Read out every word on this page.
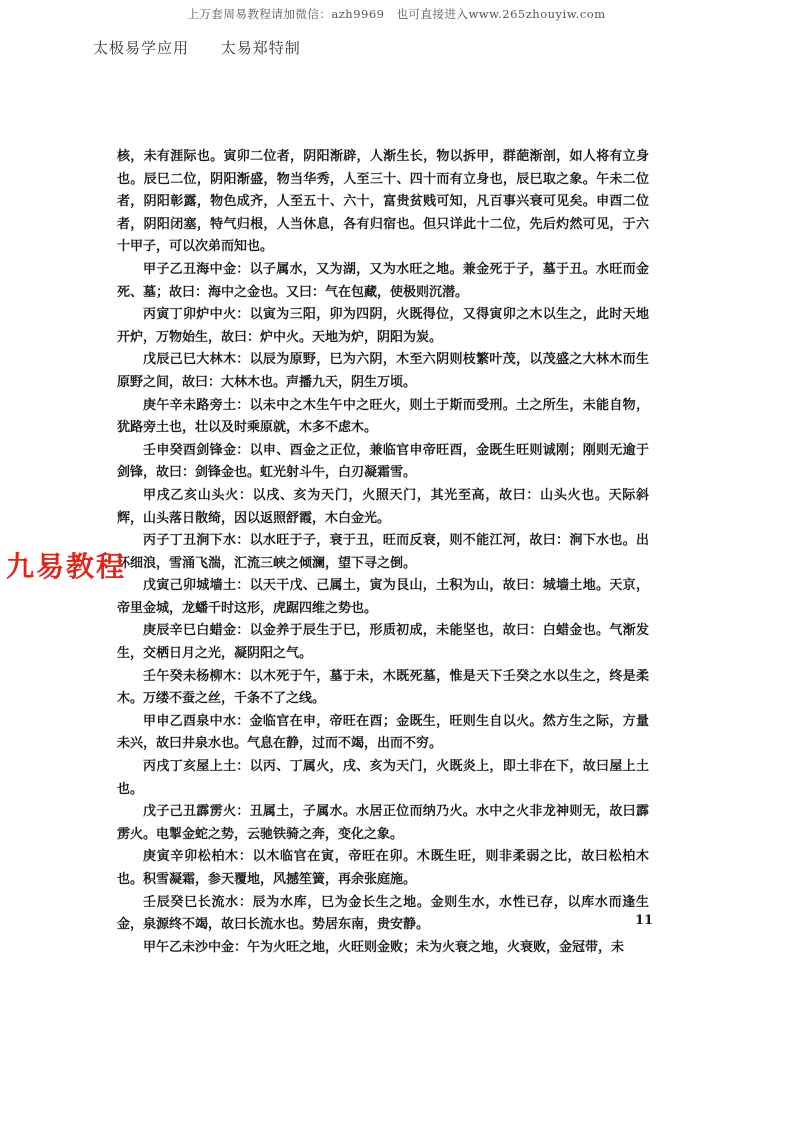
上万套周易教程请加微信：azh9969　也可直接进入www.265zhouyiw.com
太极易学应用 太易郑特制

核，未有涯际也。寅卯二位者，阴阳渐辟，人渐生长，物以拆甲，群葩渐剖，如人将有立身也。辰巳二位，阴阳渐盛，物当华秀，人至三十、四十而有立身也，辰巳取之象。午未二位者，阴阳彰露，物色成齐，人至五十、六十，富贵贫贱可知，凡百事兴衰可见矣。申酉二位者，阴阳闭塞，特气归根，人当休息，各有归宿也。但只详此十二位，先后灼然可见，于六十甲子，可以次弟而知也。

甲子乙丑海中金：以子属水，又为湖，又为水旺之地。兼金死于子，墓于丑。水旺而金死、墓；故曰：海中之金也。又曰：气在包藏，使极则沉潜。

丙寅丁卯炉中火：以寅为三阳，卯为四阴，火既得位，又得寅卯之木以生之，此时天地开炉，万物始生，故曰：炉中火。天地为炉，阴阳为炭。

戊辰己巳大林木：以辰为原野，巳为六阴，木至六阴则枝繁叶茂，以茂盛之大林木而生原野之间，故曰：大林木也。声播九天，阴生万顷。

庚午辛未路旁土：以未中之木生午中之旺火，则土于斯而受刑。土之所生，未能自物，犹路旁土也，壮以及时乘原就，木多不虑木。

壬申癸酉剑锋金：以申、酉金之正位，兼临官申帝旺酉，金既生旺则诚刚；刚则无逾于剑锋，故曰：剑锋金也。虹光射斗牛，白刃凝霜雪。

甲戌乙亥山头火：以戌、亥为天门，火照天门，其光至高，故曰：山头火也。天际斜辉，山头落日散绮，因以返照舒霞，木白金光。

丙子丁丑涧下水：以水旺于子，衰于丑，旺而反衰，则不能江河，故曰：涧下水也。出环细浪，雪涌飞湍，汇流三峡之倾澜，望下寻之倒。

戊寅己卯城墙土：以天干戊、己属土，寅为艮山，土积为山，故曰：城墙土地。天京，帝里金城，龙蟠千时这形，虎踞四维之势也。

庚辰辛巳白蜡金：以金养于辰生于巳，形质初成，未能坚也，故曰：白蜡金也。气渐发生，交栖日月之光，凝阴阳之气。

壬午癸未杨柳木：以木死于午，墓于未，木既死墓，惟是天下壬癸之水以生之，终是柔木。万缕不蚕之丝，千条不了之线。

甲申乙酉泉中水：金临官在申，帝旺在酉；金既生，旺则生自以火。然方生之际，方量未兴，故曰井泉水也。气息在静，过而不竭，出而不穷。

丙戌丁亥屋上土：以丙、丁属火，戌、亥为天门，火既炎上，即土非在下，故曰屋上土也。

戊子己丑霹雳火：丑属土，子属水。水居正位而纳乃火。水中之火非龙神则无，故曰霹雳火。电掣金蛇之势，云驰铁骑之奔，变化之象。

庚寅辛卯松柏木：以木临官在寅，帝旺在卯。木既生旺，则非柔弱之比，故曰松柏木也。积雪凝霜，参天覆地，风撼笙簧，再余张庭施。

壬辰癸巳长流水：辰为水库，巳为金长生之地。金则生水，水性已存，以库水而逢生金，泉源终不竭，故曰长流水也。势居东南，贵安静。

甲午乙未沙中金：午为火旺之地，火旺则金败；未为火衰之地，火衰败，金冠带，未

九易教程
11
